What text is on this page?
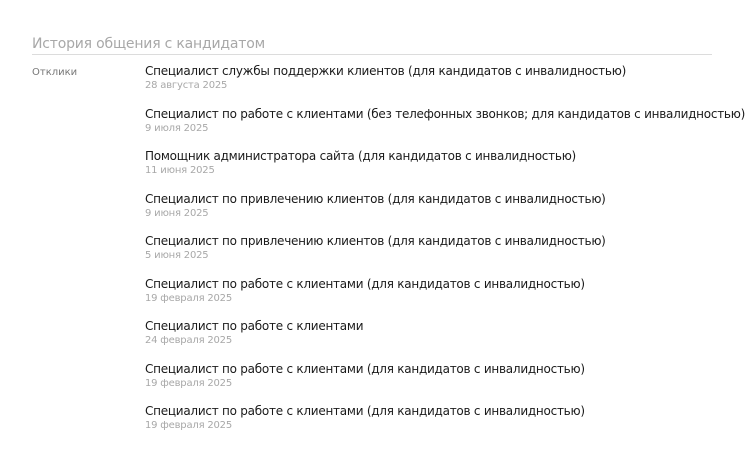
История общения с кандидатом
Отклики	Специалист службы поддержки клиентов (для кандидатов с инвалидностью)
28 августа 2025
Специалист по работе с клиентами (без телефонных звонков; для кандидатов с инвалидностью)
9 июля 2025
Помощник администратора сайта (для кандидатов с инвалидностью)
11 июня 2025
Специалист по привлечению клиентов (для кандидатов с инвалидностью)
9 июня 2025
Специалист по привлечению клиентов (для кандидатов с инвалидностью)
5 июня 2025
Специалист по работе с клиентами (для кандидатов с инвалидностью)
19 февраля 2025
Специалист по работе с клиентами
24 февраля 2025
Специалист по работе с клиентами (для кандидатов с инвалидностью)
19 февраля 2025
Специалист по работе с клиентами (для кандидатов с инвалидностью)
19 февраля 2025
